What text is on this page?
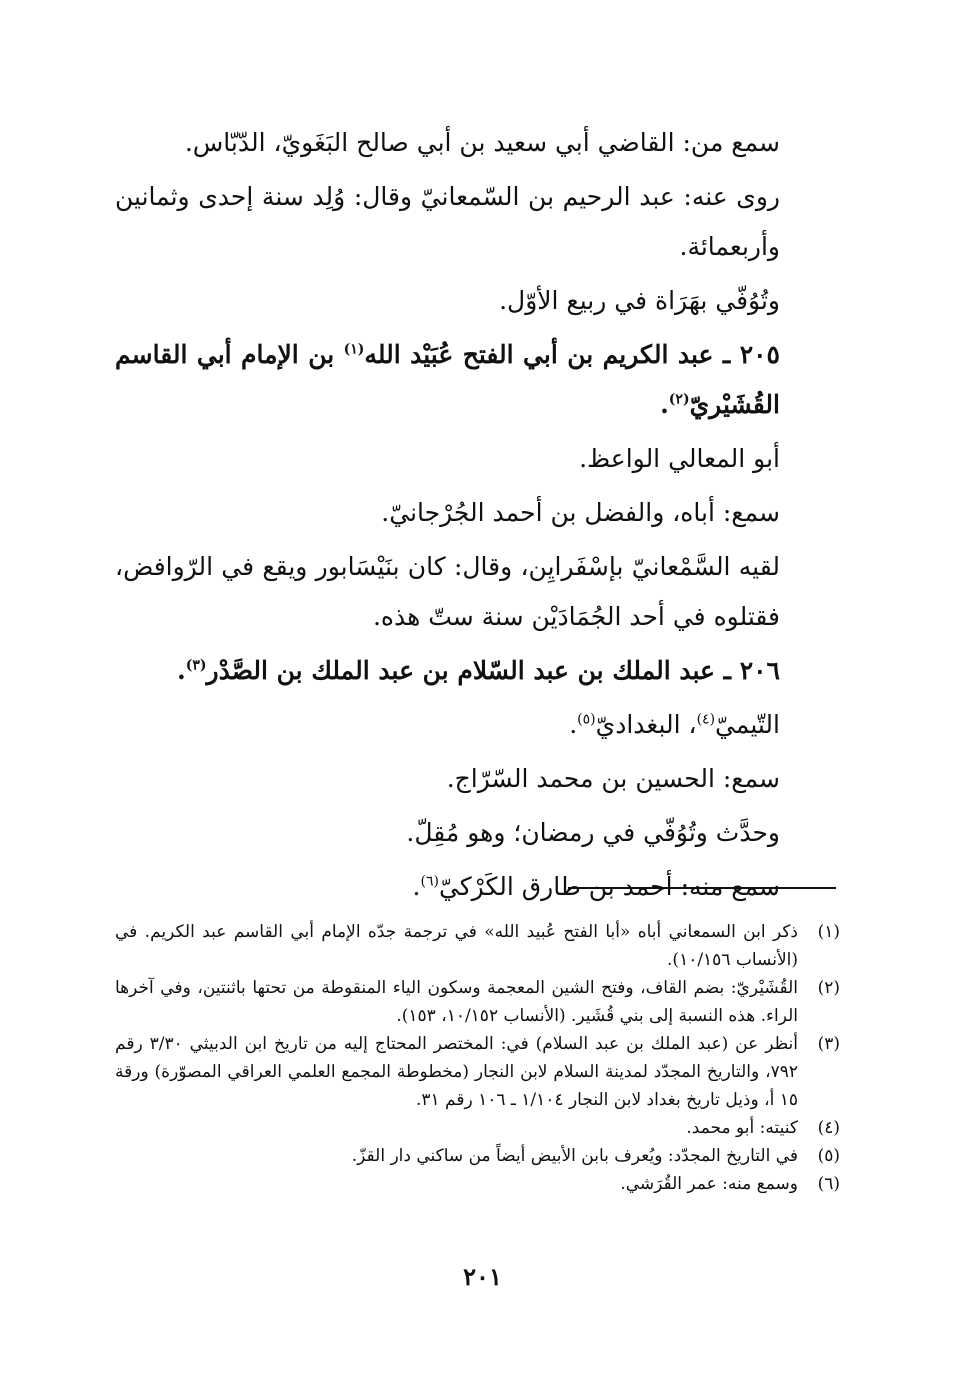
سمع من: القاضي أبي سعيد بن أبي صالح البَغَويّ، الدّبّاس.

روى عنه: عبد الرحيم بن السّمعانيّ وقال: وُلِد سنة إحدى وثمانين وأربعمائة.

وتُوُفّي بهَرَاة في ربيع الأوّل.

٢٠٥ ـ عبد الكريم بن أبي الفتح عُبَيْد الله$^{(١)}$ بن الإمام أبي القاسم القُشَيْريّ$^{(٢)}$.

أبو المعالي الواعظ.

سمع: أباه، والفضل بن أحمد الجُرْجانيّ.

لقيه السَّمْعانيّ بإسْفَرايِن، وقال: كان بنَيْسَابور ويقع في الرّوافض، فقتلوه في أحد الجُمَادَيْن سنة ستّ هذه.

٢٠٦ ـ عبد الملك بن عبد السّلام بن عبد الملك بن الصَّدْر$^{(٣)}$.

التّيميّ$^{(٤)}$، البغداديّ$^{(٥)}$.

سمع: الحسين بن محمد السّرّاج.

وحدَّث وتُوُفّي في رمضان؛ وهو مُقِلّ.

سمع منه: أحمد بن طارق الكَرْكيّ$^{(٦)}$.

(١)
ذكر ابن السمعاني أباه «أبا الفتح عُبيد الله» في ترجمة جدّه الإمام أبي القاسم عبد الكريم. في (الأنساب ١٠/١٥٦).
(٢)
القُشَيْريّ: بضم القاف، وفتح الشين المعجمة وسكون الياء المنقوطة من تحتها باثنتين، وفي آخرها الراء. هذه النسبة إلى بني قُشَير. (الأنساب ١٠/١٥٢، ١٥٣).
(٣)
أنظر عن (عبد الملك بن عبد السلام) في: المختصر المحتاج إليه من تاريخ ابن الدبيثي ٣/٣٠ رقم ٧٩٢، والتاريخ المجدّد لمدينة السلام لابن النجار (مخطوطة المجمع العلمي العراقي المصوّرة) ورقة ١٥ أ، وذيل تاريخ بغداد لابن النجار ١/١٠٤ ـ ١٠٦ رقم ٣١.
(٤)
كنيته: أبو محمد.
(٥)
في التاريخ المجدّد: ويُعرف بابن الأبيض أيضاً من ساكني دار القزّ.
(٦)
وسمع منه: عمر القُرَشي.
٢٠١
